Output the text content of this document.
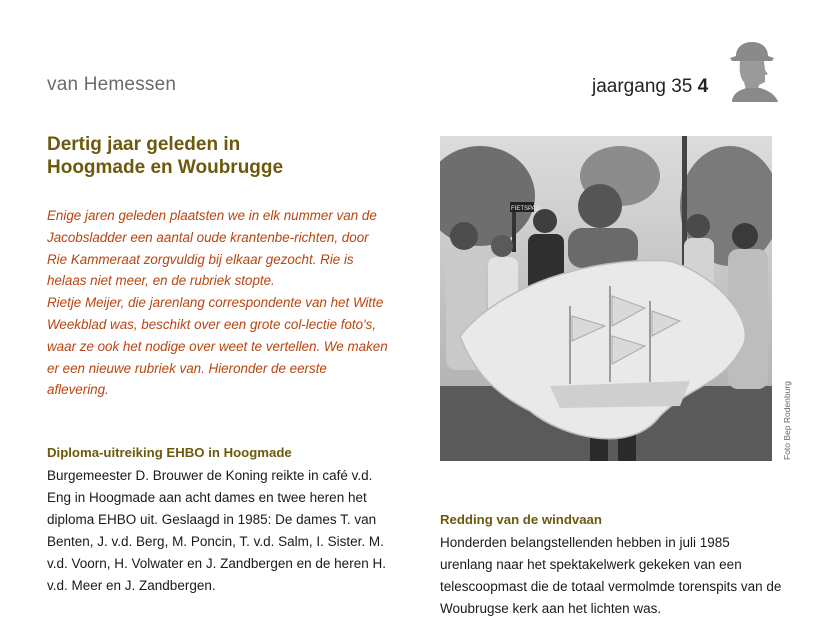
van Hemessen	jaargang 35 4
Dertig jaar geleden in
Hoogmade en Woubrugge

Enige jaren geleden plaatsten we in elk nummer van de Jacobsladder een aantal oude krantenbe-richten, door Rie Kammeraat zorgvuldig bij elkaar gezocht. Rie is helaas niet meer, en de rubriek stopte.

Rietje Meijer, die jarenlang correspondente van het Witte Weekblad was, beschikt over een grote col-lectie foto's, waar ze ook het nodige over weet te vertellen. We maken er een nieuwe rubriek van. Hieronder de eerste aflevering.

Diploma-uitreiking EHBO in Hoogmade

Burgemeester D. Brouwer de Koning reikte in café v.d. Eng in Hoogmade aan acht dames en twee heren het diploma EHBO uit. Geslaagd in 1985: De dames T. van Benten, J. v.d. Berg, M. Poncin, T. v.d. Salm, I. Sister. M. v.d. Voorn, H. Volwater en J. Zandbergen en de heren H. v.d. Meer en J. Zandbergen.

FIETSPAD
Foto Bep Rodenburg
Redding van de windvaan

Honderden belangstellenden hebben in juli 1985 urenlang naar het spektakelwerk gekeken van een telescoopmast die de totaal vermolmde torenspits van de Woubrugse kerk aan het lichten was.
